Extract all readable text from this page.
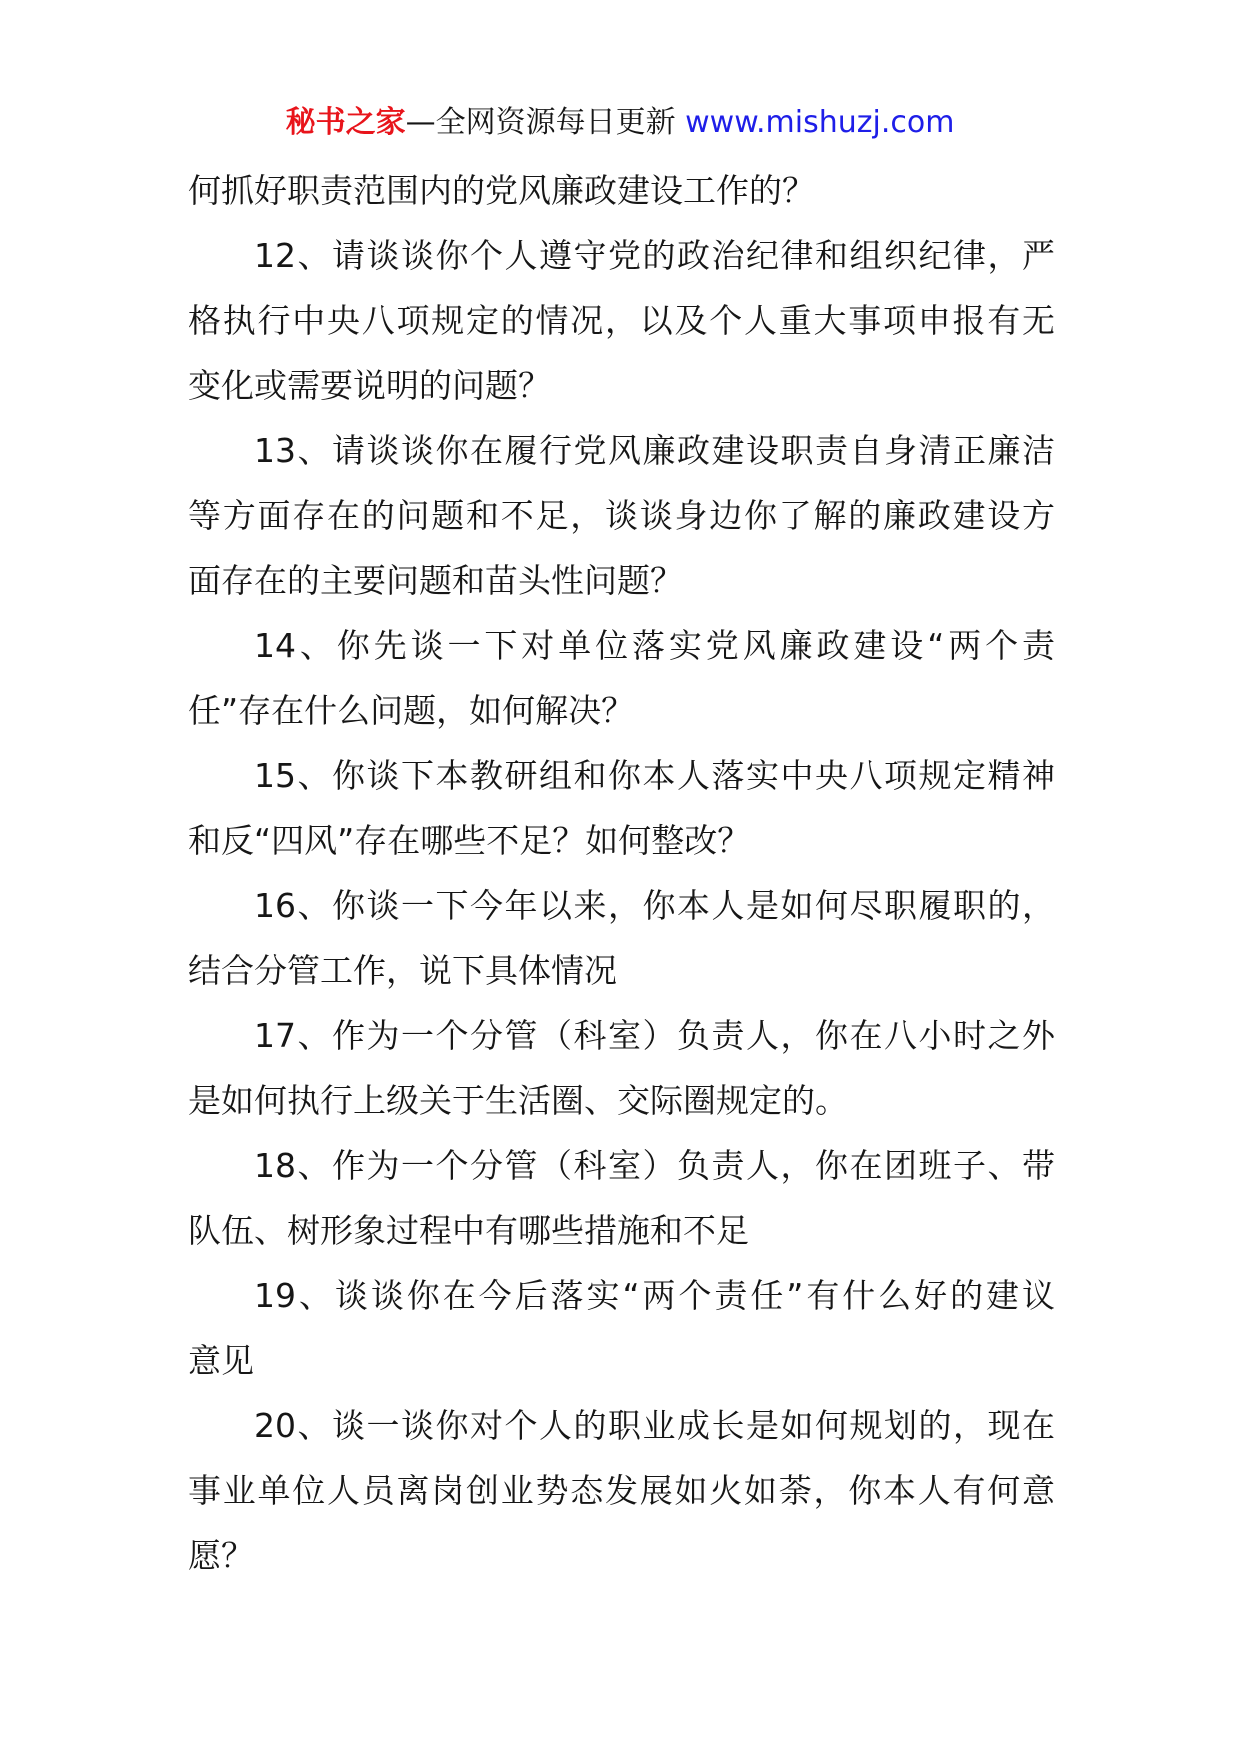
秘书之家—全网资源每日更新 www.mishuzj.com
何抓好职责范围内的党风廉政建设工作的？
12、请谈谈你个人遵守党的政治纪律和组织纪律，严
格执行中央八项规定的情况，以及个人重大事项申报有无
变化或需要说明的问题？
13、请谈谈你在履行党风廉政建设职责自身清正廉洁
等方面存在的问题和不足，谈谈身边你了解的廉政建设方
面存在的主要问题和苗头性问题？
14、你先谈一下对单位落实党风廉政建设“两个责
任”存在什么问题，如何解决？
15、你谈下本教研组和你本人落实中央八项规定精神
和反“四风”存在哪些不足？如何整改？
16、你谈一下今年以来，你本人是如何尽职履职的，
结合分管工作，说下具体情况
17、作为一个分管（科室）负责人，你在八小时之外
是如何执行上级关于生活圈、交际圈规定的。
18、作为一个分管（科室）负责人，你在团班子、带
队伍、树形象过程中有哪些措施和不足
19、谈谈你在今后落实“两个责任”有什么好的建议
意见
20、谈一谈你对个人的职业成长是如何规划的，现在
事业单位人员离岗创业势态发展如火如荼，你本人有何意
愿？
